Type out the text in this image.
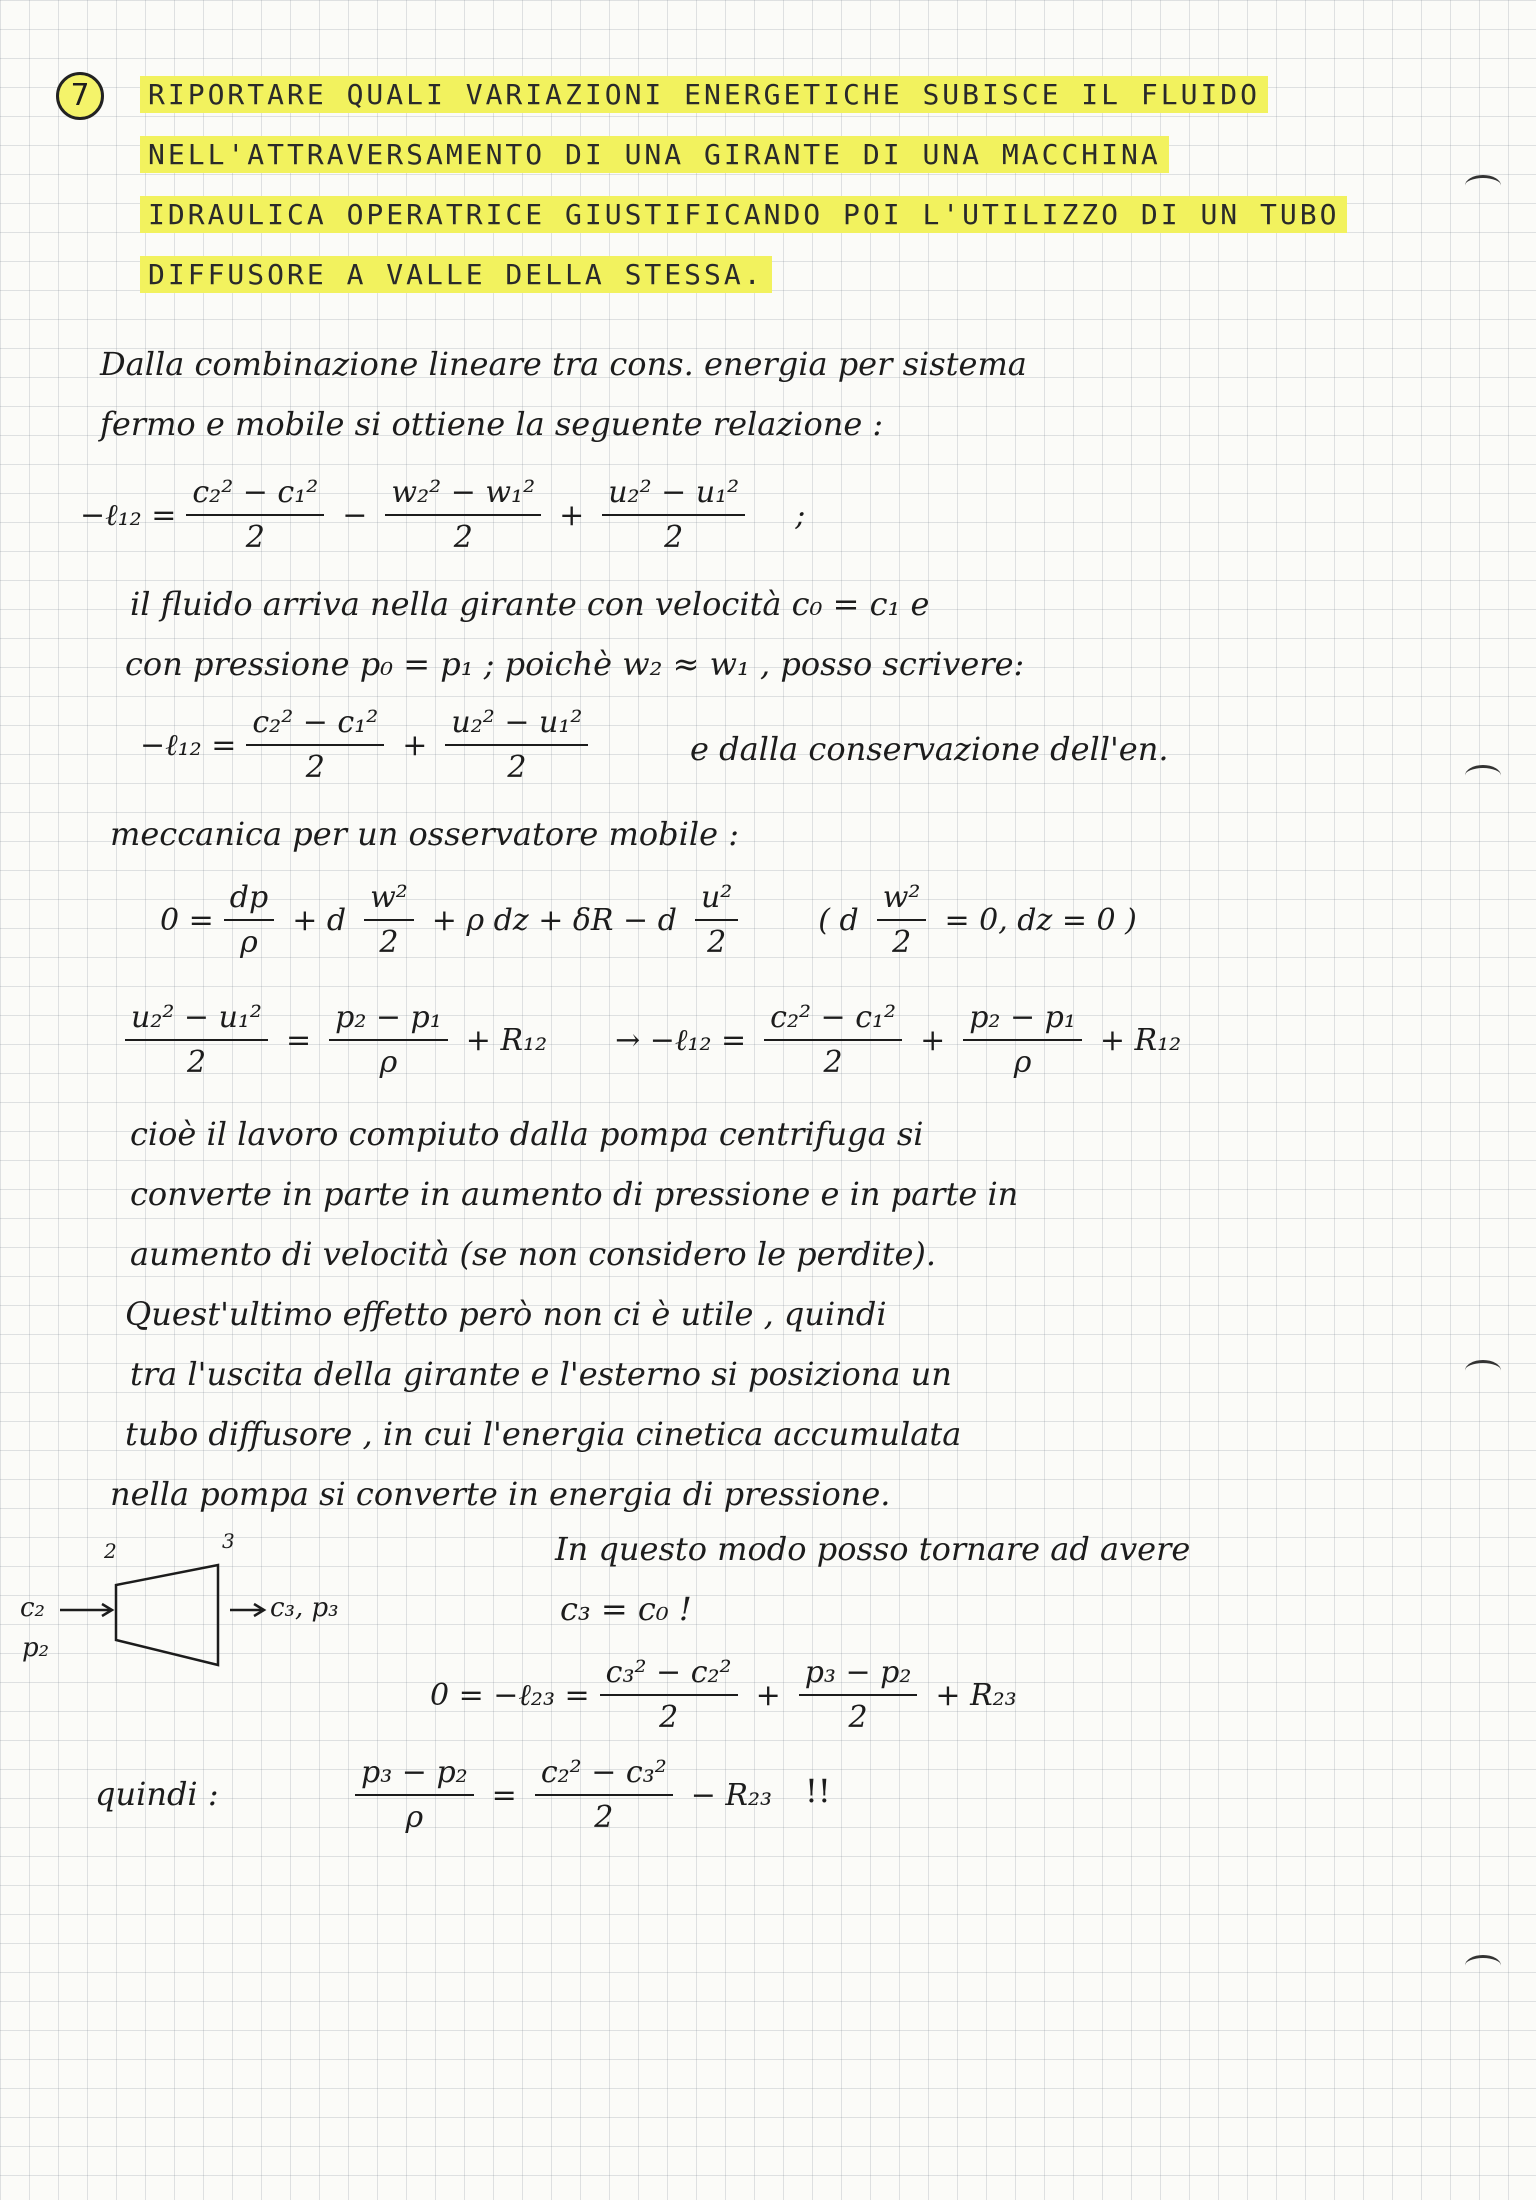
7	RIPORTARE QUALI VARIAZIONI ENERGETICHE SUBISCE IL FLUIDO
NELL'ATTRAVERSAMENTO DI UNA GIRANTE DI UNA MACCHINA
IDRAULICA OPERATRICE GIUSTIFICANDO POI L'UTILIZZO DI UN TUBO
DIFFUSORE A VALLE DELLA STESSA.
Dalla combinazione lineare tra cons. energia per sistema
fermo e mobile si ottiene la seguente relazione :
−ℓ₁₂ = $\frac{\text{c₂² − c₁²}}{2} - \frac{\text{w₂² − w₁²}}{2} + \frac{\text{u₂² − u₁²}}{2}$ ;
il fluido arriva nella girante con velocità c₀ = c₁ e
con pressione p₀ = p₁ ; poichè w₂ ≈ w₁ , posso scrivere:
−ℓ₁₂ = $\frac{\text{c₂² − c₁²}}{2} + \frac{\text{u₂² − u₁²}}{2}$	e dalla conservazione dell'en.
meccanica per un osservatore mobile :
$0 = \frac{dp}{\rho} + d \frac{\text{w²}}{2} + \rho$ dz + δR − d $\frac{\text{u²}}{2}$	( d $\frac{\text{w²}}{2} = 0$, dz = 0 )
$\frac{\text{u₂² − u₁²}}{2} = \frac{\text{p₂ − p₁}}{\rho} + R_{12}$ → −ℓ₁₂ = $\frac{\text{c₂² − c₁²}}{2} + \frac{\text{p₂ − p₁}}{\rho} + R_{12}$
cioè il lavoro compiuto dalla pompa centrifuga si
converte in parte in aumento di pressione e in parte in
aumento di velocità (se non considero le perdite).
Quest'ultimo effetto però non ci è utile , quindi
tra l'uscita della girante e l'esterno si posiziona un
tubo diffusore , in cui l'energia cinetica accumulata
nella pompa si converte in energia di pressione.
2	3
c₂
p₂
c₃, p₃
In questo modo posso tornare ad avere
c₃ = c₀ !
0 = −ℓ₂₃ = $\frac{\text{c₃² − c₂²}}{2} + \frac{\text{p₃ − p₂}}{2} + R_{23}$
quindi :	$\frac{\text{p₃ − p₂}}{\rho} = \frac{\text{c₂² − c₃²}}{2} - R_{23}$ !!
